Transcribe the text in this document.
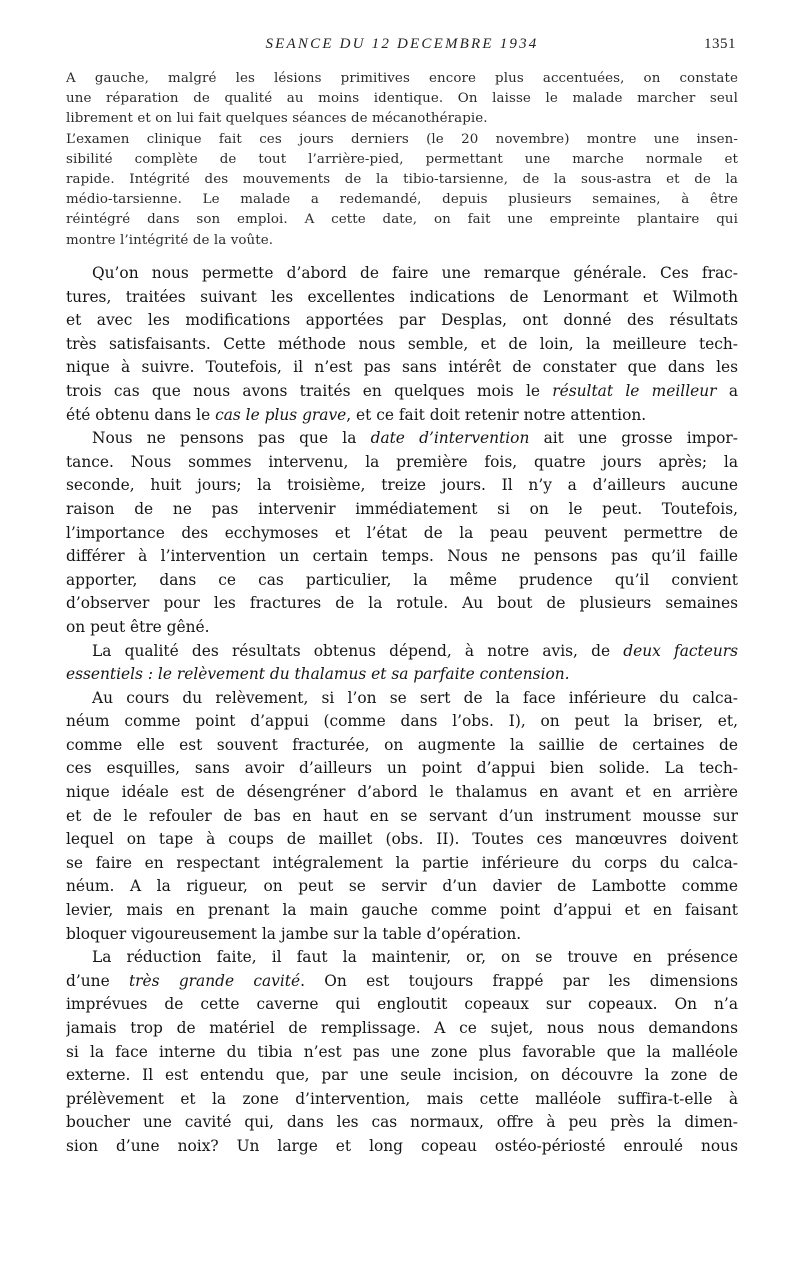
SEANCE DU 12 DECEMBRE 1934	1351
A gauche, malgré les lésions primitives encore plus accentuées, on constate
une réparation de qualité au moins identique. On laisse le malade marcher seul
librement et on lui fait quelques séances de mécanothérapie.
L’examen clinique fait ces jours derniers (le 20 novembre) montre une insen-
sibilité complète de tout l’arrière-pied, permettant une marche normale et
rapide. Intégrité des mouvements de la tibio-tarsienne, de la sous-astra et de la
médio-tarsienne. Le malade a redemandé, depuis plusieurs semaines, à être
réintégré dans son emploi. A cette date, on fait une empreinte plantaire qui
montre l’intégrité de la voûte.
Qu’on nous permette d’abord de faire une remarque générale. Ces frac-
tures, traitées suivant les excellentes indications de Lenormant et Wilmoth
et avec les modifications apportées par Desplas, ont donné des résultats
très satisfaisants. Cette méthode nous semble, et de loin, la meilleure tech-
nique à suivre. Toutefois, il n’est pas sans intérêt de constater que dans les
trois cas que nous avons traités en quelques mois le résultat le meilleur a
été obtenu dans le cas le plus grave, et ce fait doit retenir notre attention.
Nous ne pensons pas que la date d’intervention ait une grosse impor-
tance. Nous sommes intervenu, la première fois, quatre jours après; la
seconde, huit jours; la troisième, treize jours. Il n’y a d’ailleurs aucune
raison de ne pas intervenir immédiatement si on le peut. Toutefois,
l’importance des ecchymoses et l’état de la peau peuvent permettre de
différer à l’intervention un certain temps. Nous ne pensons pas qu’il faille
apporter, dans ce cas particulier, la même prudence qu’il convient
d’observer pour les fractures de la rotule. Au bout de plusieurs semaines
on peut être gêné.
La qualité des résultats obtenus dépend, à notre avis, de deux facteurs
essentiels : le relèvement du thalamus et sa parfaite contension.
Au cours du relèvement, si l’on se sert de la face inférieure du calca-
néum comme point d’appui (comme dans l’obs. I), on peut la briser, et,
comme elle est souvent fracturée, on augmente la saillie de certaines de
ces esquilles, sans avoir d’ailleurs un point d’appui bien solide. La tech-
nique idéale est de désengréner d’abord le thalamus en avant et en arrière
et de le refouler de bas en haut en se servant d’un instrument mousse sur
lequel on tape à coups de maillet (obs. II). Toutes ces manœuvres doivent
se faire en respectant intégralement la partie inférieure du corps du calca-
néum. A la rigueur, on peut se servir d’un davier de Lambotte comme
levier, mais en prenant la main gauche comme point d’appui et en faisant
bloquer vigoureusement la jambe sur la table d’opération.
La réduction faite, il faut la maintenir, or, on se trouve en présence
d’une très grande cavité. On est toujours frappé par les dimensions
imprévues de cette caverne qui engloutit copeaux sur copeaux. On n’a
jamais trop de matériel de remplissage. A ce sujet, nous nous demandons
si la face interne du tibia n’est pas une zone plus favorable que la malléole
externe. Il est entendu que, par une seule incision, on découvre la zone de
prélèvement et la zone d’intervention, mais cette malléole suffira-t-elle à
boucher une cavité qui, dans les cas normaux, offre à peu près la dimen-
sion d’une noix? Un large et long copeau ostéo-périosté enroulé nous
